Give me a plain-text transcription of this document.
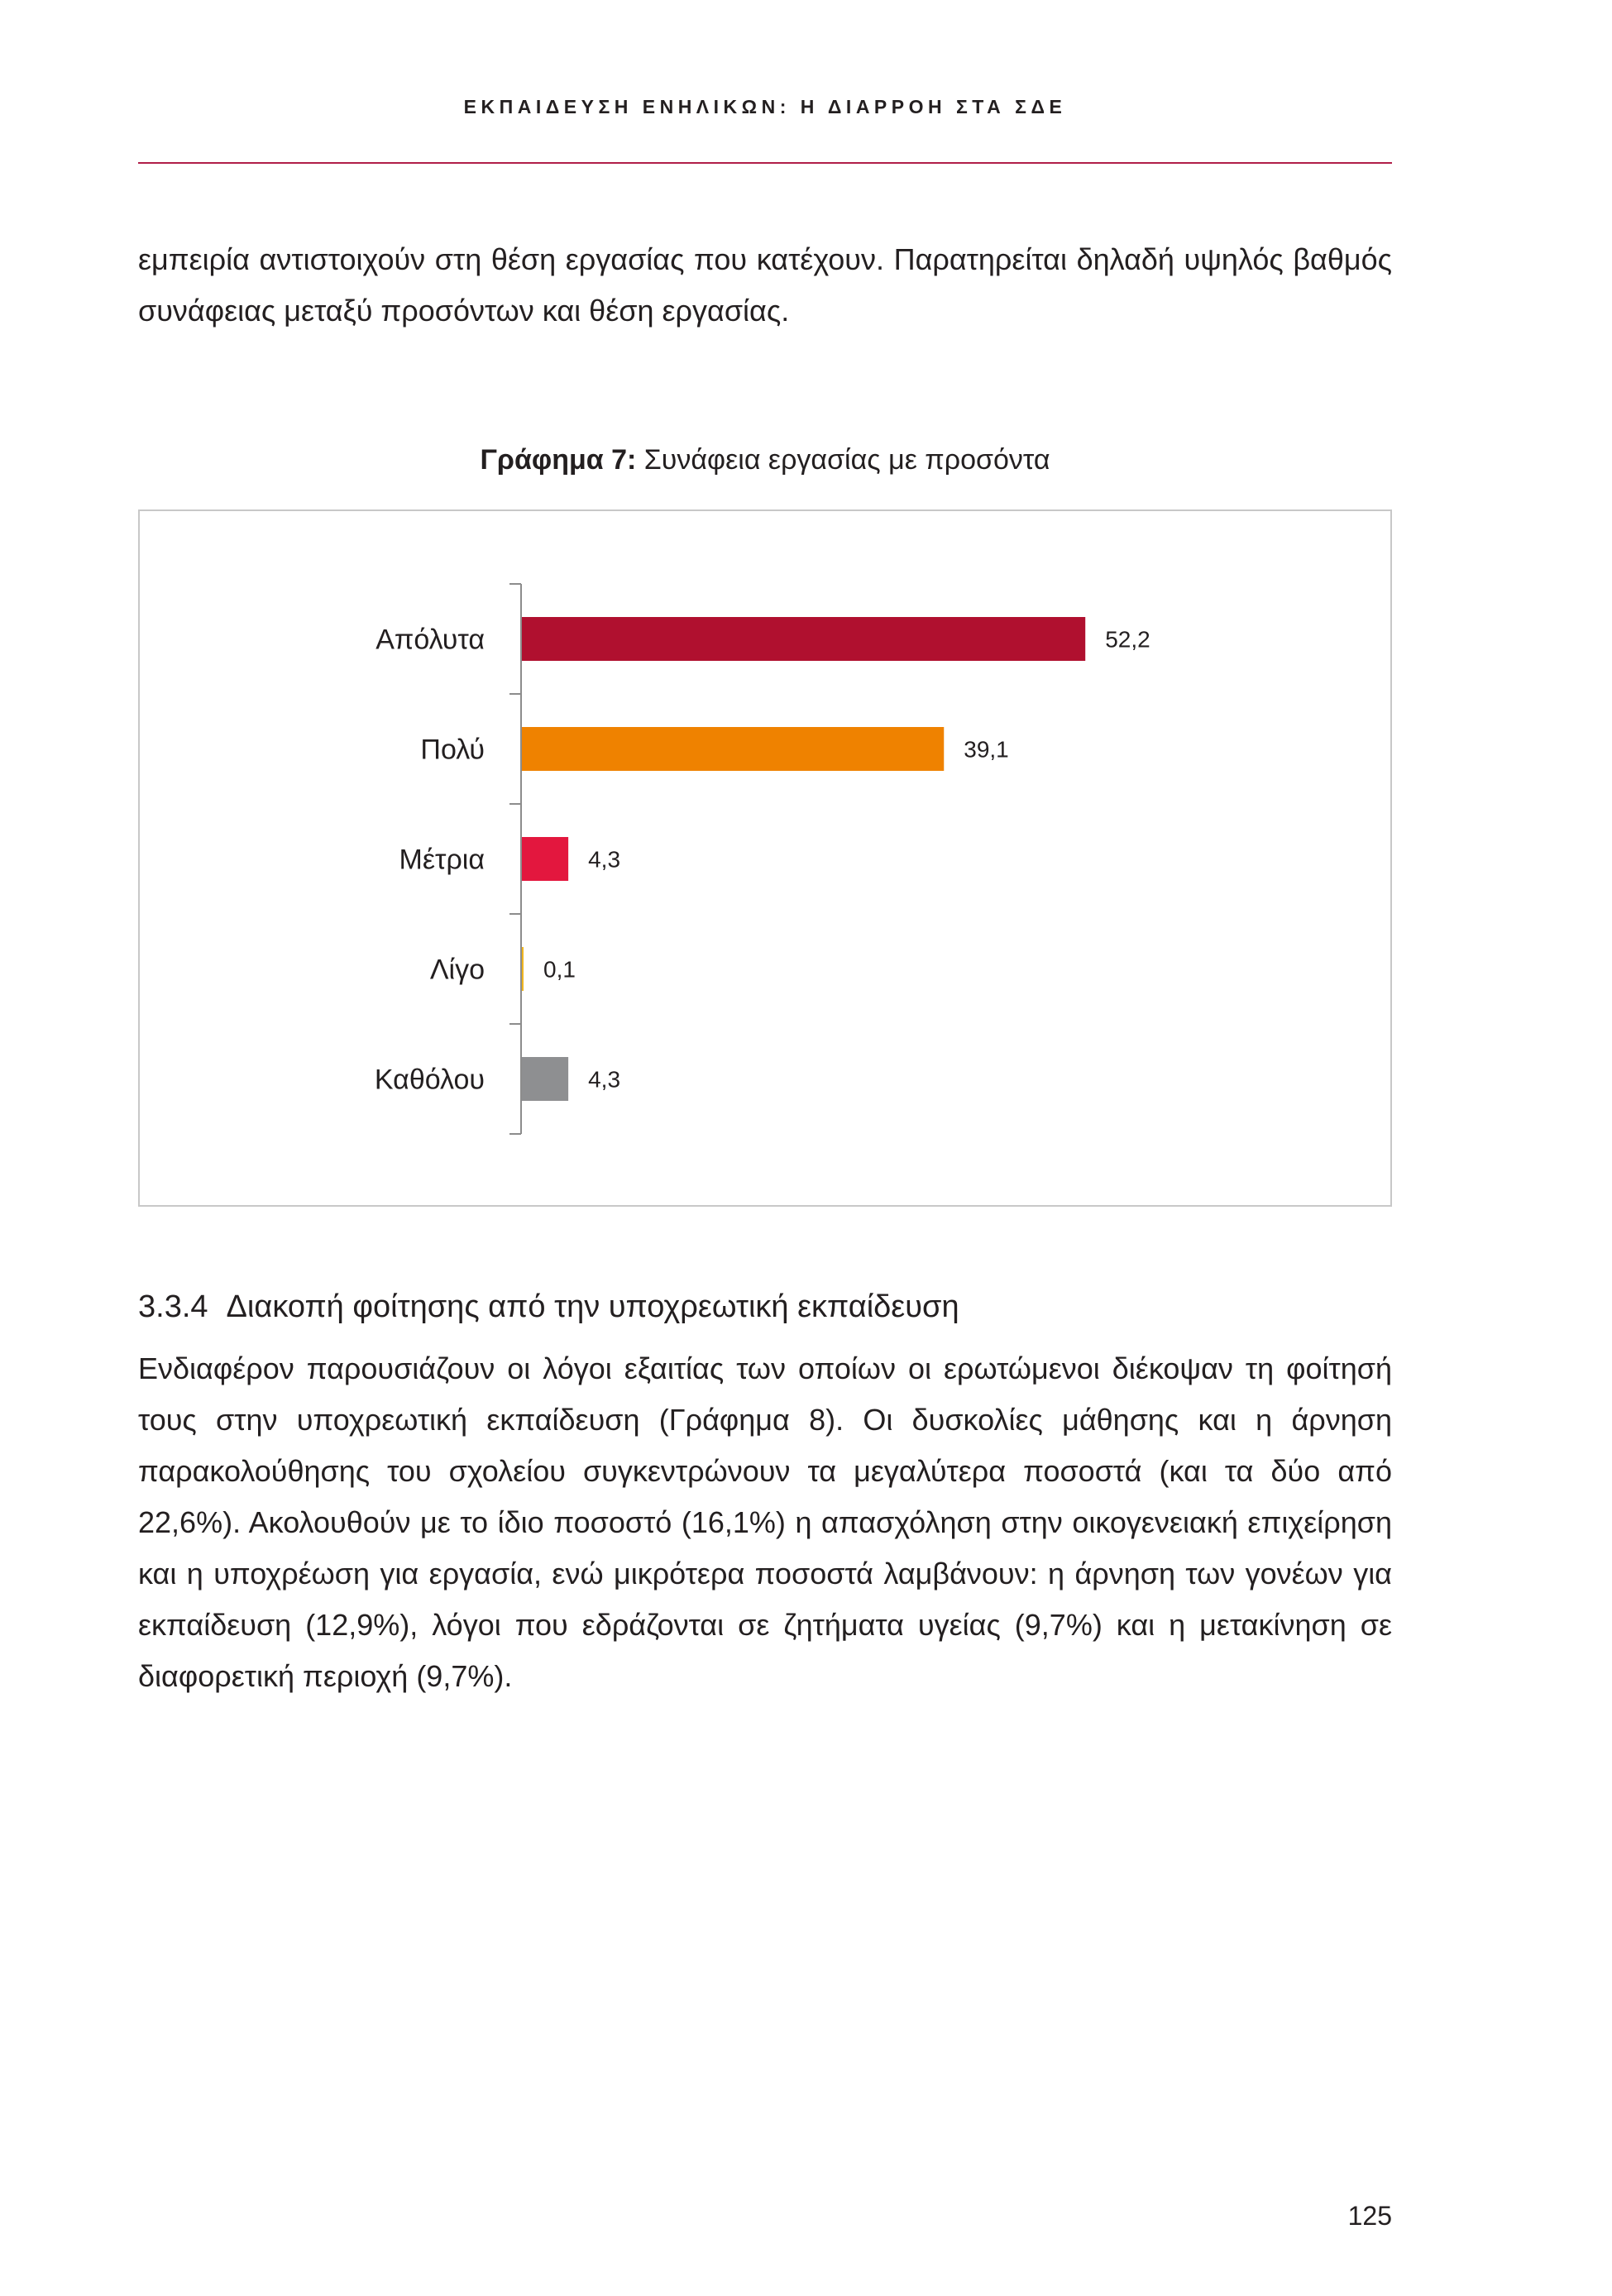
ΕΚΠΑΙΔΕΥΣΗ ΕΝΗΛΙΚΩΝ: Η ΔΙΑΡΡΟΗ ΣΤΑ ΣΔΕ

εμπειρία αντιστοιχούν στη θέση εργασίας που κατέχουν. Παρατηρείται δηλαδή υψηλός βαθμός συνάφειας μεταξύ προσόντων και θέση εργασίας.

Γράφημα 7: Συνάφεια εργασίας με προσόντα
Απόλυτα	52,2
Πολύ	39,1
Μέτρια	4,3
Λίγο	0,1
Καθόλου	4,3
3.3.4 Διακοπή φοίτησης από την υποχρεωτική εκπαίδευση

Ενδιαφέρον παρουσιάζουν οι λόγοι εξαιτίας των οποίων οι ερωτώμενοι διέκοψαν τη φοίτησή τους στην υποχρεωτική εκπαίδευση (Γράφημα 8). Οι δυσκολίες μάθησης και η άρνηση παρακολούθησης του σχολείου συγκεντρώνουν τα μεγαλύτερα ποσοστά (και τα δύο από 22,6%). Ακολουθούν με το ίδιο ποσοστό (16,1%) η απασχόληση στην οικογενειακή επιχείρηση και η υποχρέωση για εργασία, ενώ μικρότερα ποσοστά λαμβάνουν: η άρνηση των γονέων για εκπαίδευση (12,9%), λόγοι που εδράζονται σε ζητήματα υγείας (9,7%) και η μετακίνηση σε διαφορετική περιοχή (9,7%).

125
